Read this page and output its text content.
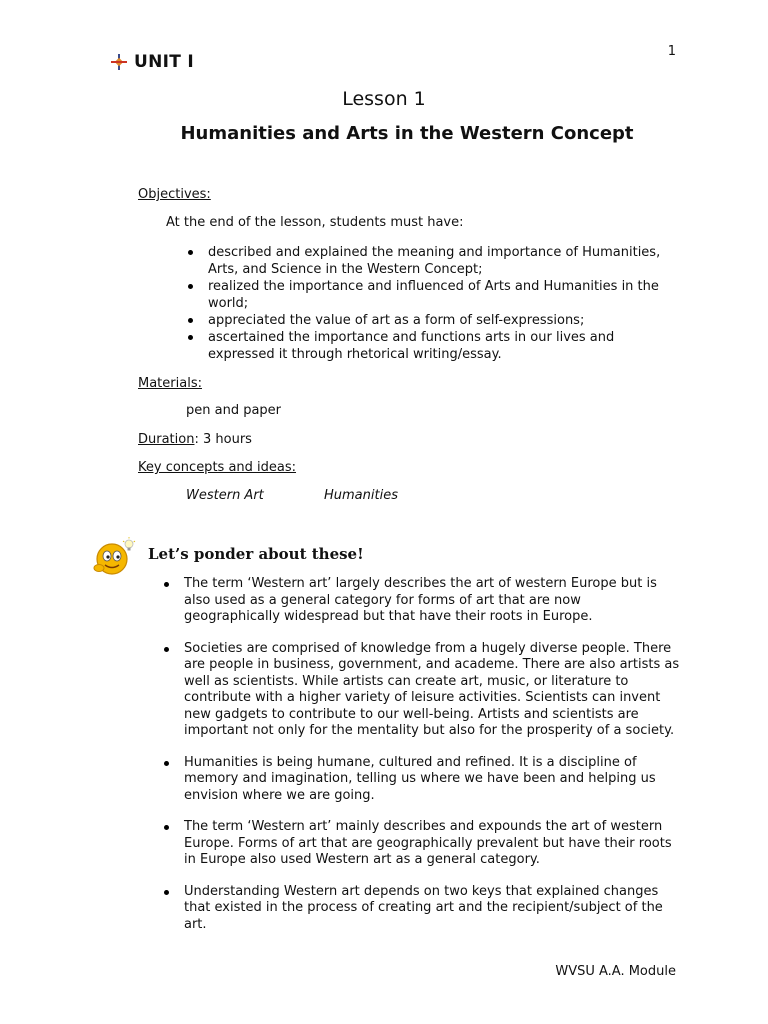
1
UNIT I
Lesson 1
Humanities and Arts in the Western Concept
Objectives:
At the end of the lesson, students must have:
described and explained the meaning and importance of Humanities, Arts, and Science in the Western Concept;
realized the importance and influenced of Arts and Humanities in the world;
appreciated the value of art as a form of self-expressions;
ascertained the importance and functions arts in our lives and expressed it through rhetorical writing/essay.
Materials:
pen and paper
Duration: 3 hours
Key concepts and ideas:
Western Art	Humanities
Let’s ponder about these!
The term ‘Western art’ largely describes the art of western Europe but is also used as a general category for forms of art that are now geographically widespread but that have their roots in Europe.
Societies are comprised of knowledge from a hugely diverse people. There are people in business, government, and academe. There are also artists as well as scientists. While artists can create art, music, or literature to contribute with a higher variety of leisure activities. Scientists can invent new gadgets to contribute to our well-being. Artists and scientists are important not only for the mentality but also for the prosperity of a society.
Humanities is being humane, cultured and refined. It is a discipline of memory and imagination, telling us where we have been and helping us envision where we are going.
The term ‘Western art’ mainly describes and expounds the art of western Europe. Forms of art that are geographically prevalent but have their roots in Europe also used Western art as a general category.
Understanding Western art depends on two keys that explained changes that existed in the process of creating art and the recipient/subject of the art.
WVSU A.A. Module
